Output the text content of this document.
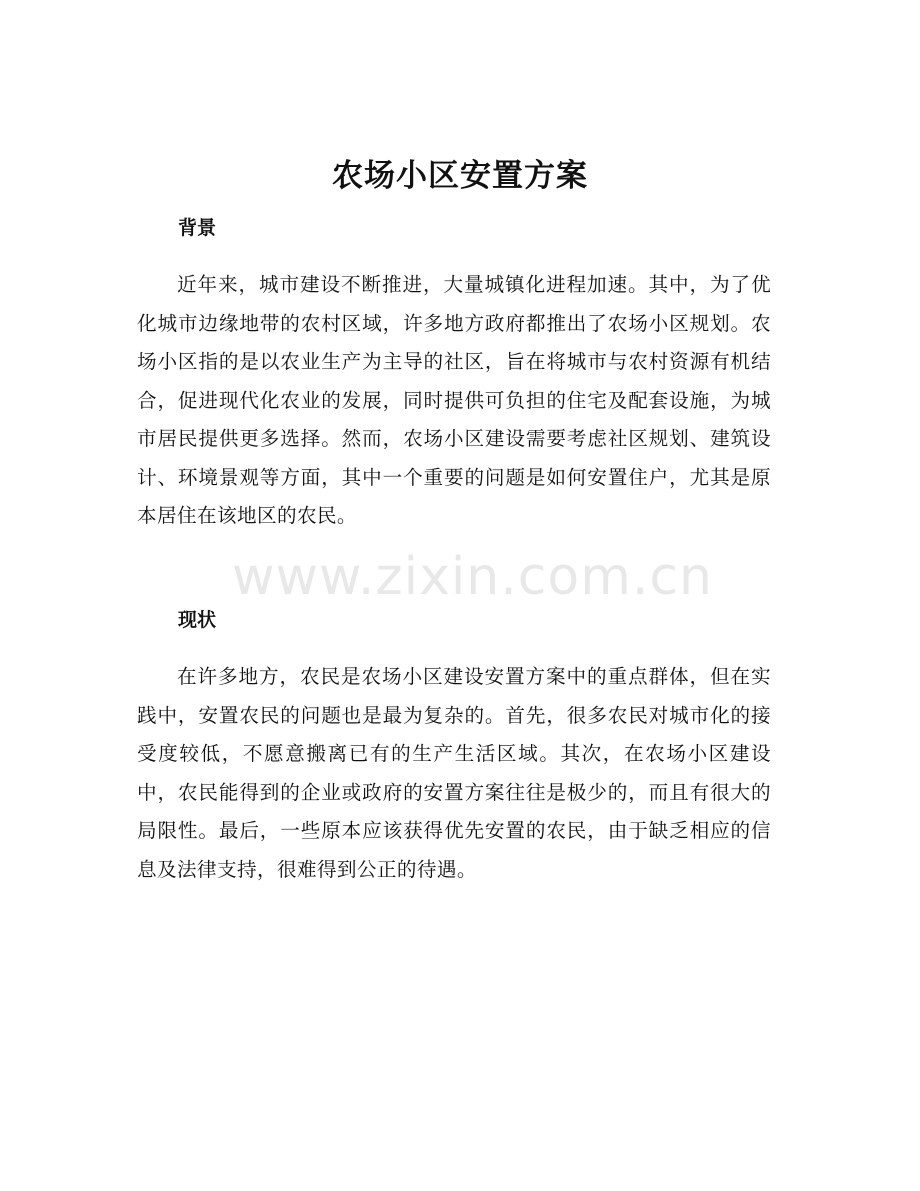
农场小区安置方案
背景

近年来，城市建设不断推进，大量城镇化进程加速。其中，为了优化城市边缘地带的农村区域，许多地方政府都推出了农场小区规划。农场小区指的是以农业生产为主导的社区，旨在将城市与农村资源有机结合，促进现代化农业的发展，同时提供可负担的住宅及配套设施，为城市居民提供更多选择。然而，农场小区建设需要考虑社区规划、建筑设计、环境景观等方面，其中一个重要的问题是如何安置住户，尤其是原本居住在该地区的农民。

www.zixin.com.cn
现状

在许多地方，农民是农场小区建设安置方案中的重点群体，但在实践中，安置农民的问题也是最为复杂的。首先，很多农民对城市化的接受度较低，不愿意搬离已有的生产生活区域。其次，在农场小区建设中，农民能得到的企业或政府的安置方案往往是极少的，而且有很大的局限性。最后，一些原本应该获得优先安置的农民，由于缺乏相应的信息及法律支持，很难得到公正的待遇。
